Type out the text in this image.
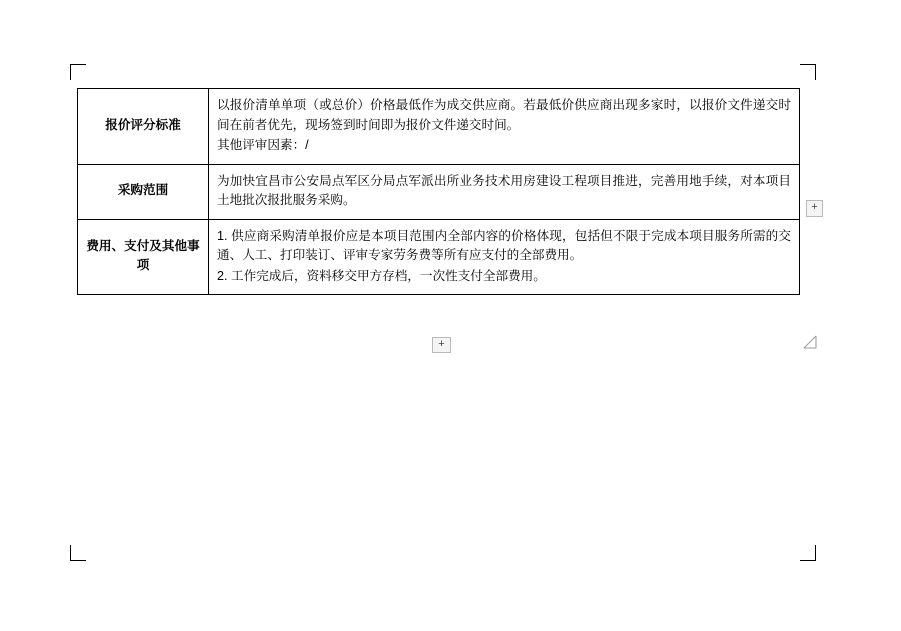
报价评分标准	以报价清单单项（或总价）价格最低作为成交供应商。若最低价供应商出现多家时，以报价文件递交时间在前者优先，现场签到时间即为报价文件递交时间。

其他评审因素：/

采购范围	为加快宜昌市公安局点军区分局点军派出所业务技术用房建设工程项目推进，完善用地手续，对本项目土地批次报批服务采购。

费用、支付及其他事项	1. 供应商采购清单报价应是本项目范围内全部内容的价格体现，包括但不限于完成本项目服务所需的交通、人工、打印装订、评审专家劳务费等所有应支付的全部费用。

2. 工作完成后，资料移交甲方存档，一次性支付全部费用。

+
+
